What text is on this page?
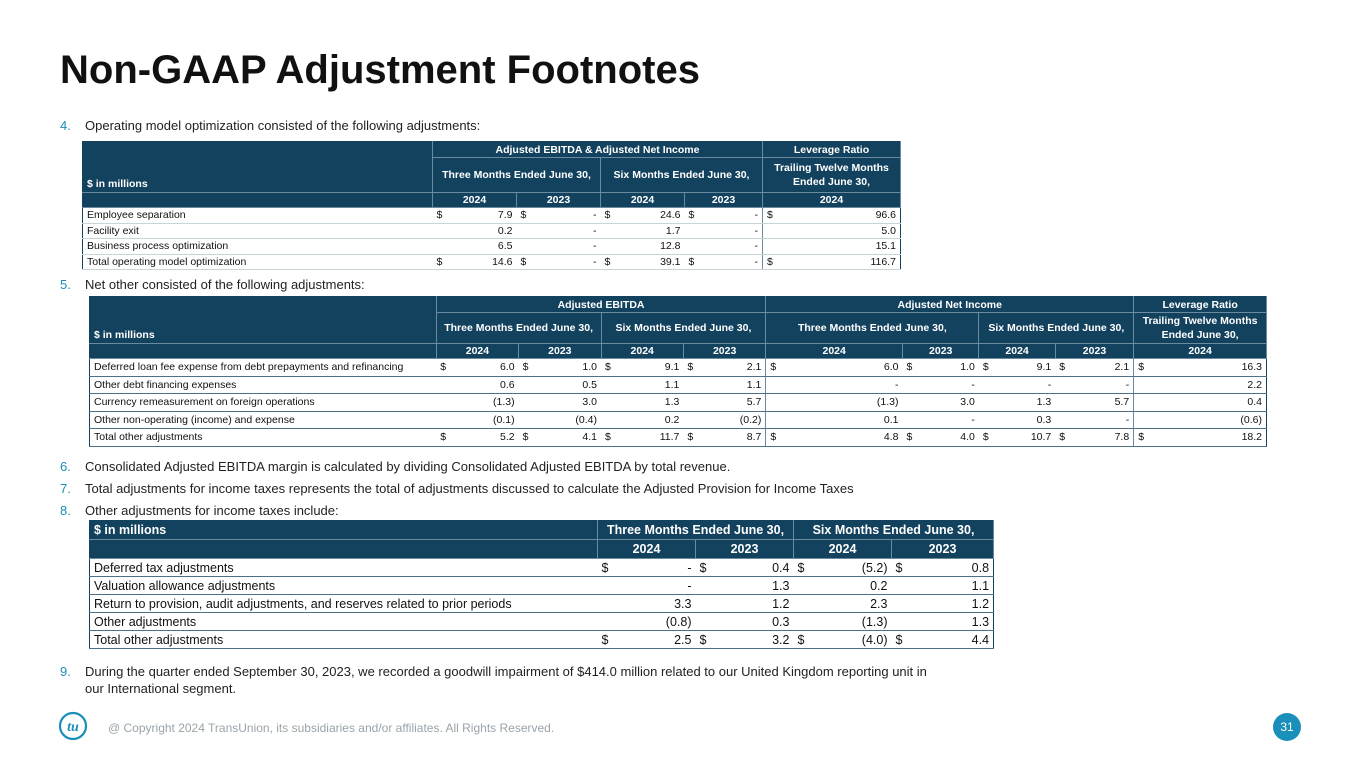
Non-GAAP Adjustment Footnotes
4. Operating model optimization consisted of the following adjustments:
$ in millions	Adjusted EBITDA & Adjusted Net Income								Leverage Ratio	
	Three Months Ended June 30,				Six Months Ended June 30,				Trailing Twelve Months Ended June 30,	
	2024		2023		2024		2023		2024	
Employee separation	$	7.9	$	-	$	24.6	$	-	$	96.6
Facility exit		0.2		-		1.7		-		5.0
Business process optimization		6.5		-		12.8		-		15.1
Total operating model optimization	$	14.6	$	-	$	39.1	$	-	$	116.7
5. Net other consisted of the following adjustments:
$ in millions	Adjusted EBITDA								Adjusted Net Income								Leverage Ratio	
	Three Months Ended June 30,				Six Months Ended June 30,				Three Months Ended June 30,				Six Months Ended June 30,				Trailing Twelve Months Ended June 30,	
	2024		2023		2024		2023		2024		2023		2024		2023		2024	
Deferred loan fee expense from debt prepayments and refinancing	$	6.0	$	1.0	$	9.1	$	2.1	$	6.0	$	1.0	$	9.1	$	2.1	$	16.3
Other debt financing expenses		0.6		0.5		1.1		1.1		-		-		-		-		2.2
Currency remeasurement on foreign operations		(1.3)		3.0		1.3		5.7		(1.3)		3.0		1.3		5.7		0.4
Other non-operating (income) and expense		(0.1)		(0.4)		0.2		(0.2)		0.1		-		0.3		-		(0.6)
Total other adjustments	$	5.2	$	4.1	$	11.7	$	8.7	$	4.8	$	4.0	$	10.7	$	7.8	$	18.2
6. Consolidated Adjusted EBITDA margin is calculated by dividing Consolidated Adjusted EBITDA by total revenue.
7. Total adjustments for income taxes represents the total of adjustments discussed to calculate the Adjusted Provision for Income Taxes
8. Other adjustments for income taxes include:
$ in millions	Three Months Ended June 30,				Six Months Ended June 30,			
	2024		2023		2024		2023	
Deferred tax adjustments	$	-	$	0.4	$	(5.2)	$	0.8
Valuation allowance adjustments		-		1.3		0.2		1.1
Return to provision, audit adjustments, and reserves related to prior periods		3.3		1.2		2.3		1.2
Other adjustments		(0.8)		0.3		(1.3)		1.3
Total other adjustments	$	2.5	$	3.2	$	(4.0)	$	4.4
9. During the quarter ended September 30, 2023, we recorded a goodwill impairment of $414.0 million related to our United Kingdom reporting unit in our International segment.
tu @ Copyright 2024 TransUnion, its subsidiaries and/or affiliates. All Rights Reserved.	31
